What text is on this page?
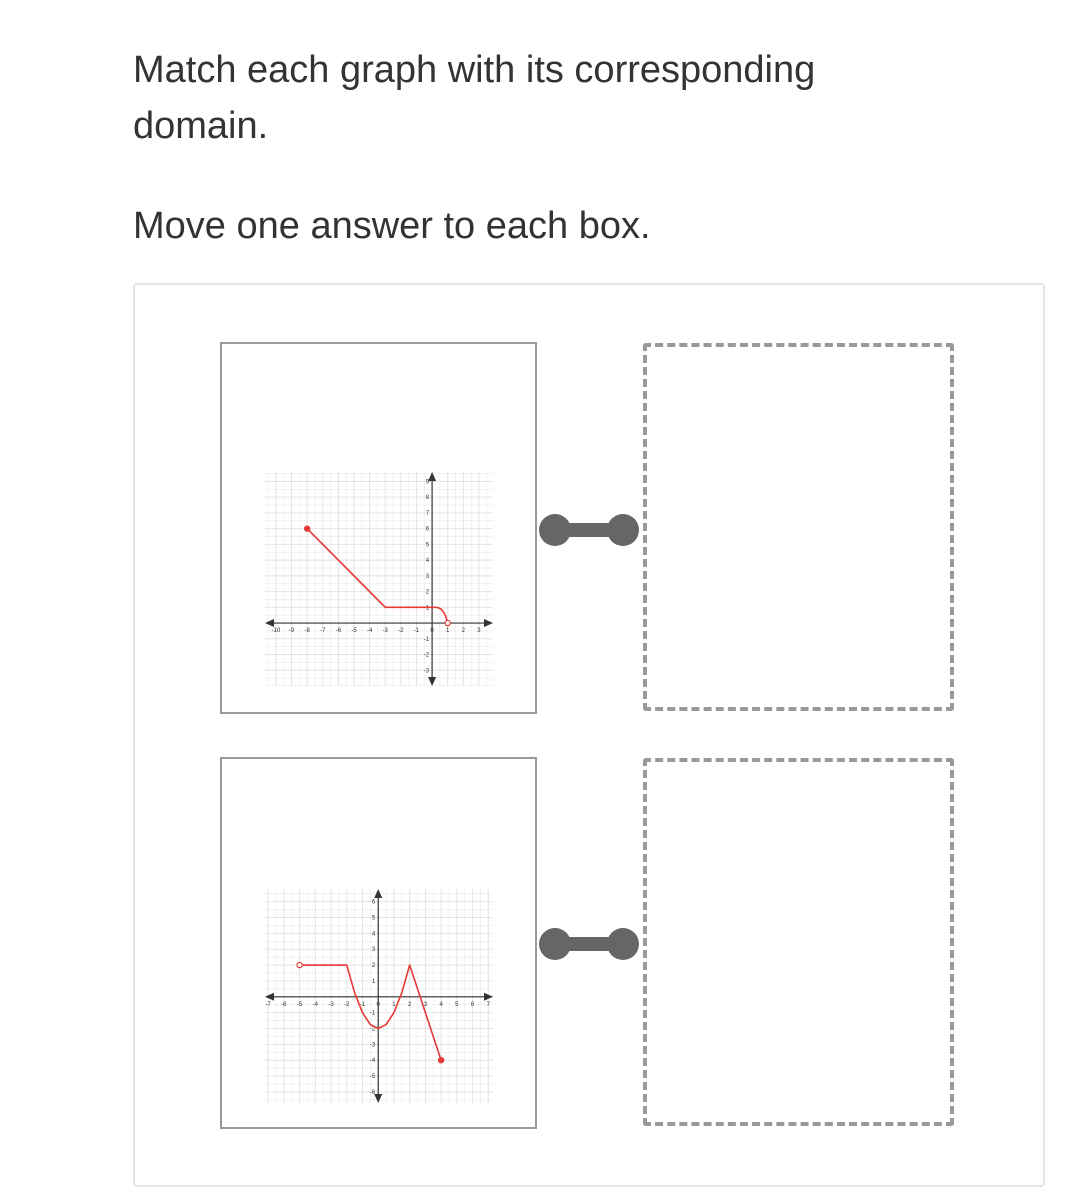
Match each graph with its corresponding domain.

Move one answer to each box.

-10 -9 -8 -7 -6 -5 -4 -3 -2 -1 0 1 2 3
-3
-2
-1
1
2
3
4
5
6
7
8
9
-7 -6 -5 -4 -3 -2 -1 0 1 2 3 4 5 6 7
-6
-5
-4
-3
-2
-1
1
2
3
4
5
6
